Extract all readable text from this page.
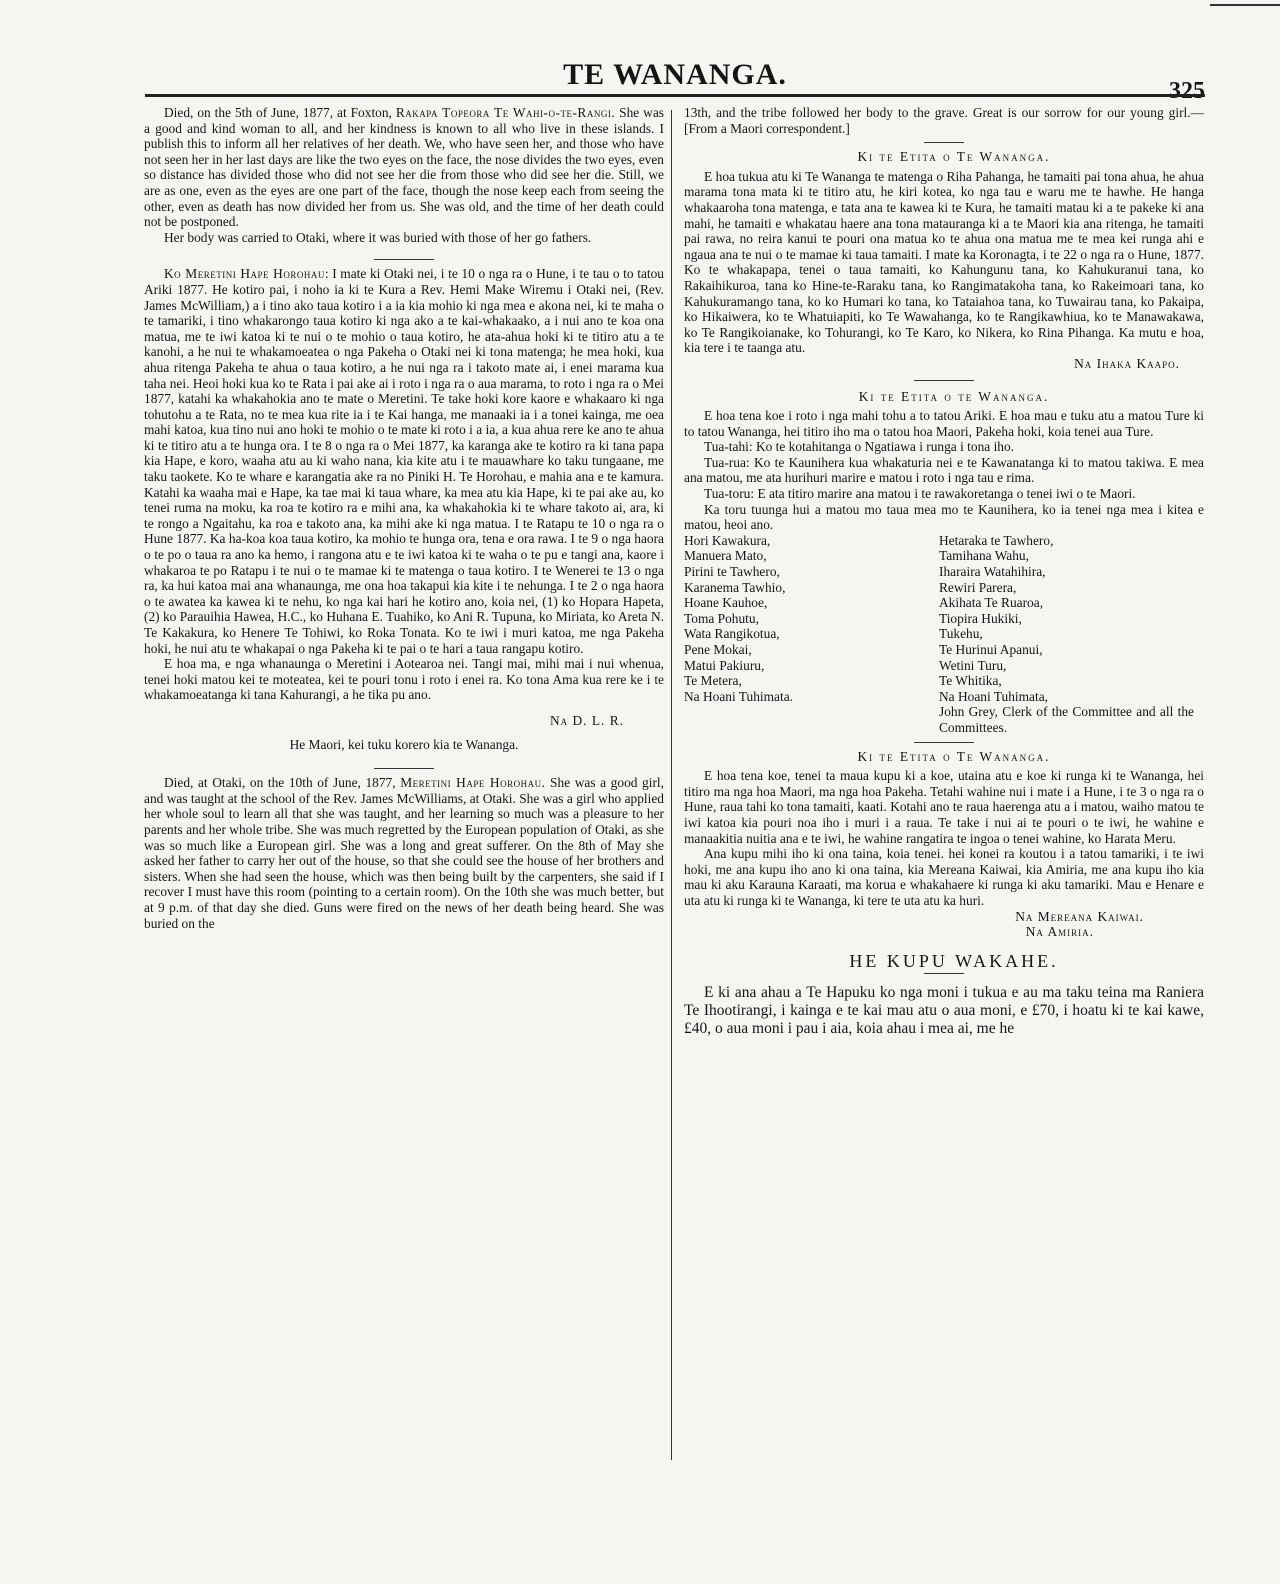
TE WANANGA.	325

Died, on the 5th of June, 1877, at Foxton, Rakapa Topeora Te Wahi-o-te-Rangi. She was a good and kind woman to all, and her kindness is known to all who live in these islands. I publish this to inform all her relatives of her death. We, who have seen her, and those who have not seen her in her last days are like the two eyes on the face, the nose divides the two eyes, even so distance has divided those who did not see her die from those who did see her die. Still, we are as one, even as the eyes are one part of the face, though the nose keep each from seeing the other, even as death has now divided her from us. She was old, and the time of her death could not be postponed.

Her body was carried to Otaki, where it was buried with those of her go fathers.

Ko Meretini Hape Horohau: I mate ki Otaki nei, i te 10 o nga ra o Hune, i te tau o to tatou Ariki 1877. He kotiro pai, i noho ia ki te Kura a Rev. Hemi Make Wiremu i Otaki nei, (Rev. James McWilliam,) a i tino ako taua kotiro i a ia kia mohio ki nga mea e akona nei, ki te maha o te tamariki, i tino whakarongo taua kotiro ki nga ako a te kai-whakaako, a i nui ano te koa ona matua, me te iwi katoa ki te nui o te mohio o taua kotiro, he ata-ahua hoki ki te titiro atu a te kanohi, a he nui te whakamoeatea o nga Pakeha o Otaki nei ki tona matenga; he mea hoki, kua ahua ritenga Pakeha te ahua o taua kotiro, a he nui nga ra i takoto mate ai, i enei marama kua taha nei. Heoi hoki kua ko te Rata i pai ake ai i roto i nga ra o aua marama, to roto i nga ra o Mei 1877, katahi ka whakahokia ano te mate o Meretini. Te take hoki kore kaore e whakaaro ki nga tohutohu a te Rata, no te mea kua rite ia i te Kai hanga, me manaaki ia i a tonei kainga, me oea mahi katoa, kua tino nui ano hoki te mohio o te mate ki roto i a ia, a kua ahua rere ke ano te ahua ki te titiro atu a te hunga ora. I te 8 o nga ra o Mei 1877, ka karanga ake te kotiro ra ki tana papa kia Hape, e koro, waaha atu au ki waho nana, kia kite atu i te mauawhare ko taku tungaane, me taku taokete. Ko te whare e karangatia ake ra no Piniki H. Te Horohau, e mahia ana e te kamura. Katahi ka waaha mai e Hape, ka tae mai ki taua whare, ka mea atu kia Hape, ki te pai ake au, ko tenei ruma na moku, ka roa te kotiro ra e mihi ana, ka whakahokia ki te whare takoto ai, ara, ki te rongo a Ngaitahu, ka roa e takoto ana, ka mihi ake ki nga matua. I te Ratapu te 10 o nga ra o Hune 1877. Ka ha-koa koa taua kotiro, ka mohio te hunga ora, tena e ora rawa. I te 9 o nga haora o te po o taua ra ano ka hemo, i rangona atu e te iwi katoa ki te waha o te pu e tangi ana, kaore i whakaroa te po Ratapu i te nui o te mamae ki te matenga o taua kotiro. I te Wenerei te 13 o nga ra, ka hui katoa mai ana whanaunga, me ona hoa takapui kia kite i te nehunga. I te 2 o nga haora o te awatea ka kawea ki te nehu, ko nga kai hari he kotiro ano, koia nei, (1) ko Hopara Hapeta, (2) ko Parauihia Hawea, H.C., ko Huhana E. Tuahiko, ko Ani R. Tupuna, ko Miriata, ko Areta N. Te Kakakura, ko Henere Te Tohiwi, ko Roka Tonata. Ko te iwi i muri katoa, me nga Pakeha hoki, he nui atu te whakapai o nga Pakeha ki te pai o te hari a taua rangapu kotiro.

E hoa ma, e nga whanaunga o Meretini i Aotearoa nei. Tangi mai, mihi mai i nui whenua, tenei hoki matou kei te moteatea, kei te pouri tonu i roto i enei ra. Ko tona Ama kua rere ke i te whakamoeatanga ki tana Kahurangi, a he tika pu ano.

Na D. L. R.

He Maori, kei tuku korero kia te Wananga.

Died, at Otaki, on the 10th of June, 1877, Meretini Hape Horohau. She was a good girl, and was taught at the school of the Rev. James McWilliams, at Otaki. She was a girl who applied her whole soul to learn all that she was taught, and her learning so much was a pleasure to her parents and her whole tribe. She was much regretted by the European population of Otaki, as she was so much like a European girl. She was a long and great sufferer. On the 8th of May she asked her father to carry her out of the house, so that she could see the house of her brothers and sisters. When she had seen the house, which was then being built by the carpenters, she said if I recover I must have this room (pointing to a certain room). On the 10th she was much better, but at 9 p.m. of that day she died. Guns were fired on the news of her death being heard. She was buried on the

13th, and the tribe followed her body to the grave. Great is our sorrow for our young girl.—[From a Maori correspondent.]

Ki te Etita o Te Wananga.

E hoa tukua atu ki Te Wananga te matenga o Riha Pahanga, he tamaiti pai tona ahua, he ahua marama tona mata ki te titiro atu, he kiri kotea, ko nga tau e waru me te hawhe. He hanga whakaaroha tona matenga, e tata ana te kawea ki te Kura, he tamaiti matau ki a te pakeke ki ana mahi, he tamaiti e whakatau haere ana tona matauranga ki a te Maori kia ana ritenga, he tamaiti pai rawa, no reira kanui te pouri ona matua ko te ahua ona matua me te mea kei runga ahi e ngaua ana te nui o te mamae ki taua tamaiti. I mate ka Koronagta, i te 22 o nga ra o Hune, 1877. Ko te whakapapa, tenei o taua tamaiti, ko Kahungunu tana, ko Kahukuranui tana, ko Rakaihikuroa, tana ko Hine-te-Raraku tana, ko Rangimatakoha tana, ko Rakeimoari tana, ko Kahukuramango tana, ko ko Humari ko tana, ko Tataiahoa tana, ko Tuwairau tana, ko Pakaipa, ko Hikaiwera, ko te Whatuiapiti, ko Te Wawahanga, ko te Rangikawhiua, ko te Manawakawa, ko Te Rangikoianake, ko Tohurangi, ko Te Karo, ko Nikera, ko Rina Pihanga. Ka mutu e hoa, kia tere i te taanga atu.

Na Ihaka Kaapo.

Ki te Etita o te Wananga.

E hoa tena koe i roto i nga mahi tohu a to tatou Ariki. E hoa mau e tuku atu a matou Ture ki to tatou Wananga, hei titiro iho ma o tatou hoa Maori, Pakeha hoki, koia tenei aua Ture.

Tua-tahi: Ko te kotahitanga o Ngatiawa i runga i tona iho.

Tua-rua: Ko te Kaunihera kua whakaturia nei e te Kawanatanga ki to matou takiwa. E mea ana matou, me ata hurihuri marire e matou i roto i nga tau e rima.

Tua-toru: E ata titiro marire ana matou i te rawakoretanga o tenei iwi o te Maori.

Ka toru tuunga hui a matou mo taua mea mo te Kaunihera, ko ia tenei nga mea i kitea e matou, heoi ano.

Hori Kawakura,
Manuera Mato,
Pirini te Tawhero,
Karanema Tawhio,
Hoane Kauhoe,
Toma Pohutu,
Wata Rangikotua,
Pene Mokai,
Matui Pakiuru,
Te Metera,
Na Hoani Tuhimata.
Hetaraka te Tawhero,
Tamihana Wahu,
Iharaira Watahihira,
Rewiri Parera,
Akihata Te Ruaroa,
Tiopira Hukiki,
Tukehu,
Te Hurinui Apanui,
Wetini Turu,
Te Whitika,
Na Hoani Tuhimata,
John Grey, Clerk of the Committee and all the Committees.

Ki te Etita o Te Wananga.

E hoa tena koe, tenei ta maua kupu ki a koe, utaina atu e koe ki runga ki te Wananga, hei titiro ma nga hoa Maori, ma nga hoa Pakeha. Tetahi wahine nui i mate i a Hune, i te 3 o nga ra o Hune, raua tahi ko tona tamaiti, kaati. Kotahi ano te raua haerenga atu a i matou, waiho matou te iwi katoa kia pouri noa iho i muri i a raua. Te take i nui ai te pouri o te iwi, he wahine e manaakitia nuitia ana e te iwi, he wahine rangatira te ingoa o tenei wahine, ko Harata Meru.

Ana kupu mihi iho ki ona taina, koia tenei. hei konei ra koutou i a tatou tamariki, i te iwi hoki, me ana kupu iho ano ki ona taina, kia Mereana Kaiwai, kia Amiria, me ana kupu iho kia mau ki aku Karauna Karaati, ma korua e whakahaere ki runga ki aku tamariki. Mau e Henare e uta atu ki runga ki te Wananga, ki tere te uta atu ka huri.

Na Mereana Kaiwai.

Na Amiria.

HE KUPU WAKAHE.

E ki ana ahau a Te Hapuku ko nga moni i tukua e au ma taku teina ma Raniera Te Ihootirangi, i kainga e te kai mau atu o aua moni, e £70, i hoatu ki te kai kawe, £40, o aua moni i pau i aia, koia ahau i mea ai, me he
